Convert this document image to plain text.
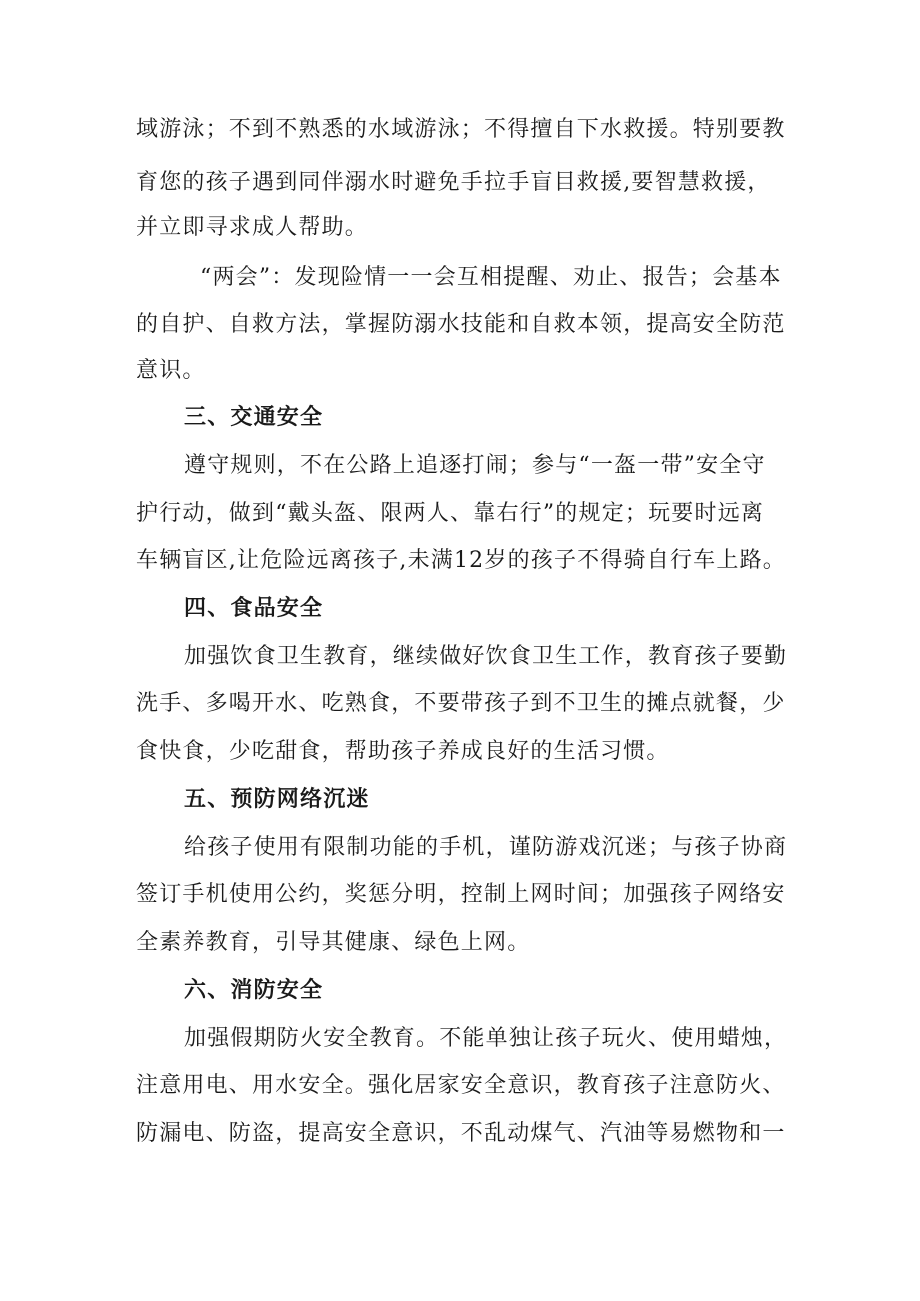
域游泳；不到不熟悉的水域游泳；不得擅自下水救援。特别要教
育您的孩子遇到同伴溺水时避免手拉手盲目救援,要智慧救援，
并立即寻求成人帮助。
“两会”：发现险情一一会互相提醒、劝止、报告；会基本
的自护、自救方法，掌握防溺水技能和自救本领，提高安全防范
意识。
三、交通安全
遵守规则，不在公路上追逐打闹；参与“一盔一带”安全守
护行动，做到“戴头盔、限两人、靠右行”的规定；玩要时远离
车辆盲区,让危险远离孩子,未满12岁的孩子不得骑自行车上路。
四、食品安全
加强饮食卫生教育，继续做好饮食卫生工作，教育孩子要勤
洗手、多喝开水、吃熟食，不要带孩子到不卫生的摊点就餐，少
食快食，少吃甜食，帮助孩子养成良好的生活习惯。
五、预防网络沉迷
给孩子使用有限制功能的手机，谨防游戏沉迷；与孩子协商
签订手机使用公约，奖惩分明，控制上网时间；加强孩子网络安
全素养教育，引导其健康、绿色上网。
六、消防安全
加强假期防火安全教育。不能单独让孩子玩火、使用蜡烛，
注意用电、用水安全。强化居家安全意识，教育孩子注意防火、
防漏电、防盗，提高安全意识，不乱动煤气、汽油等易燃物和一
